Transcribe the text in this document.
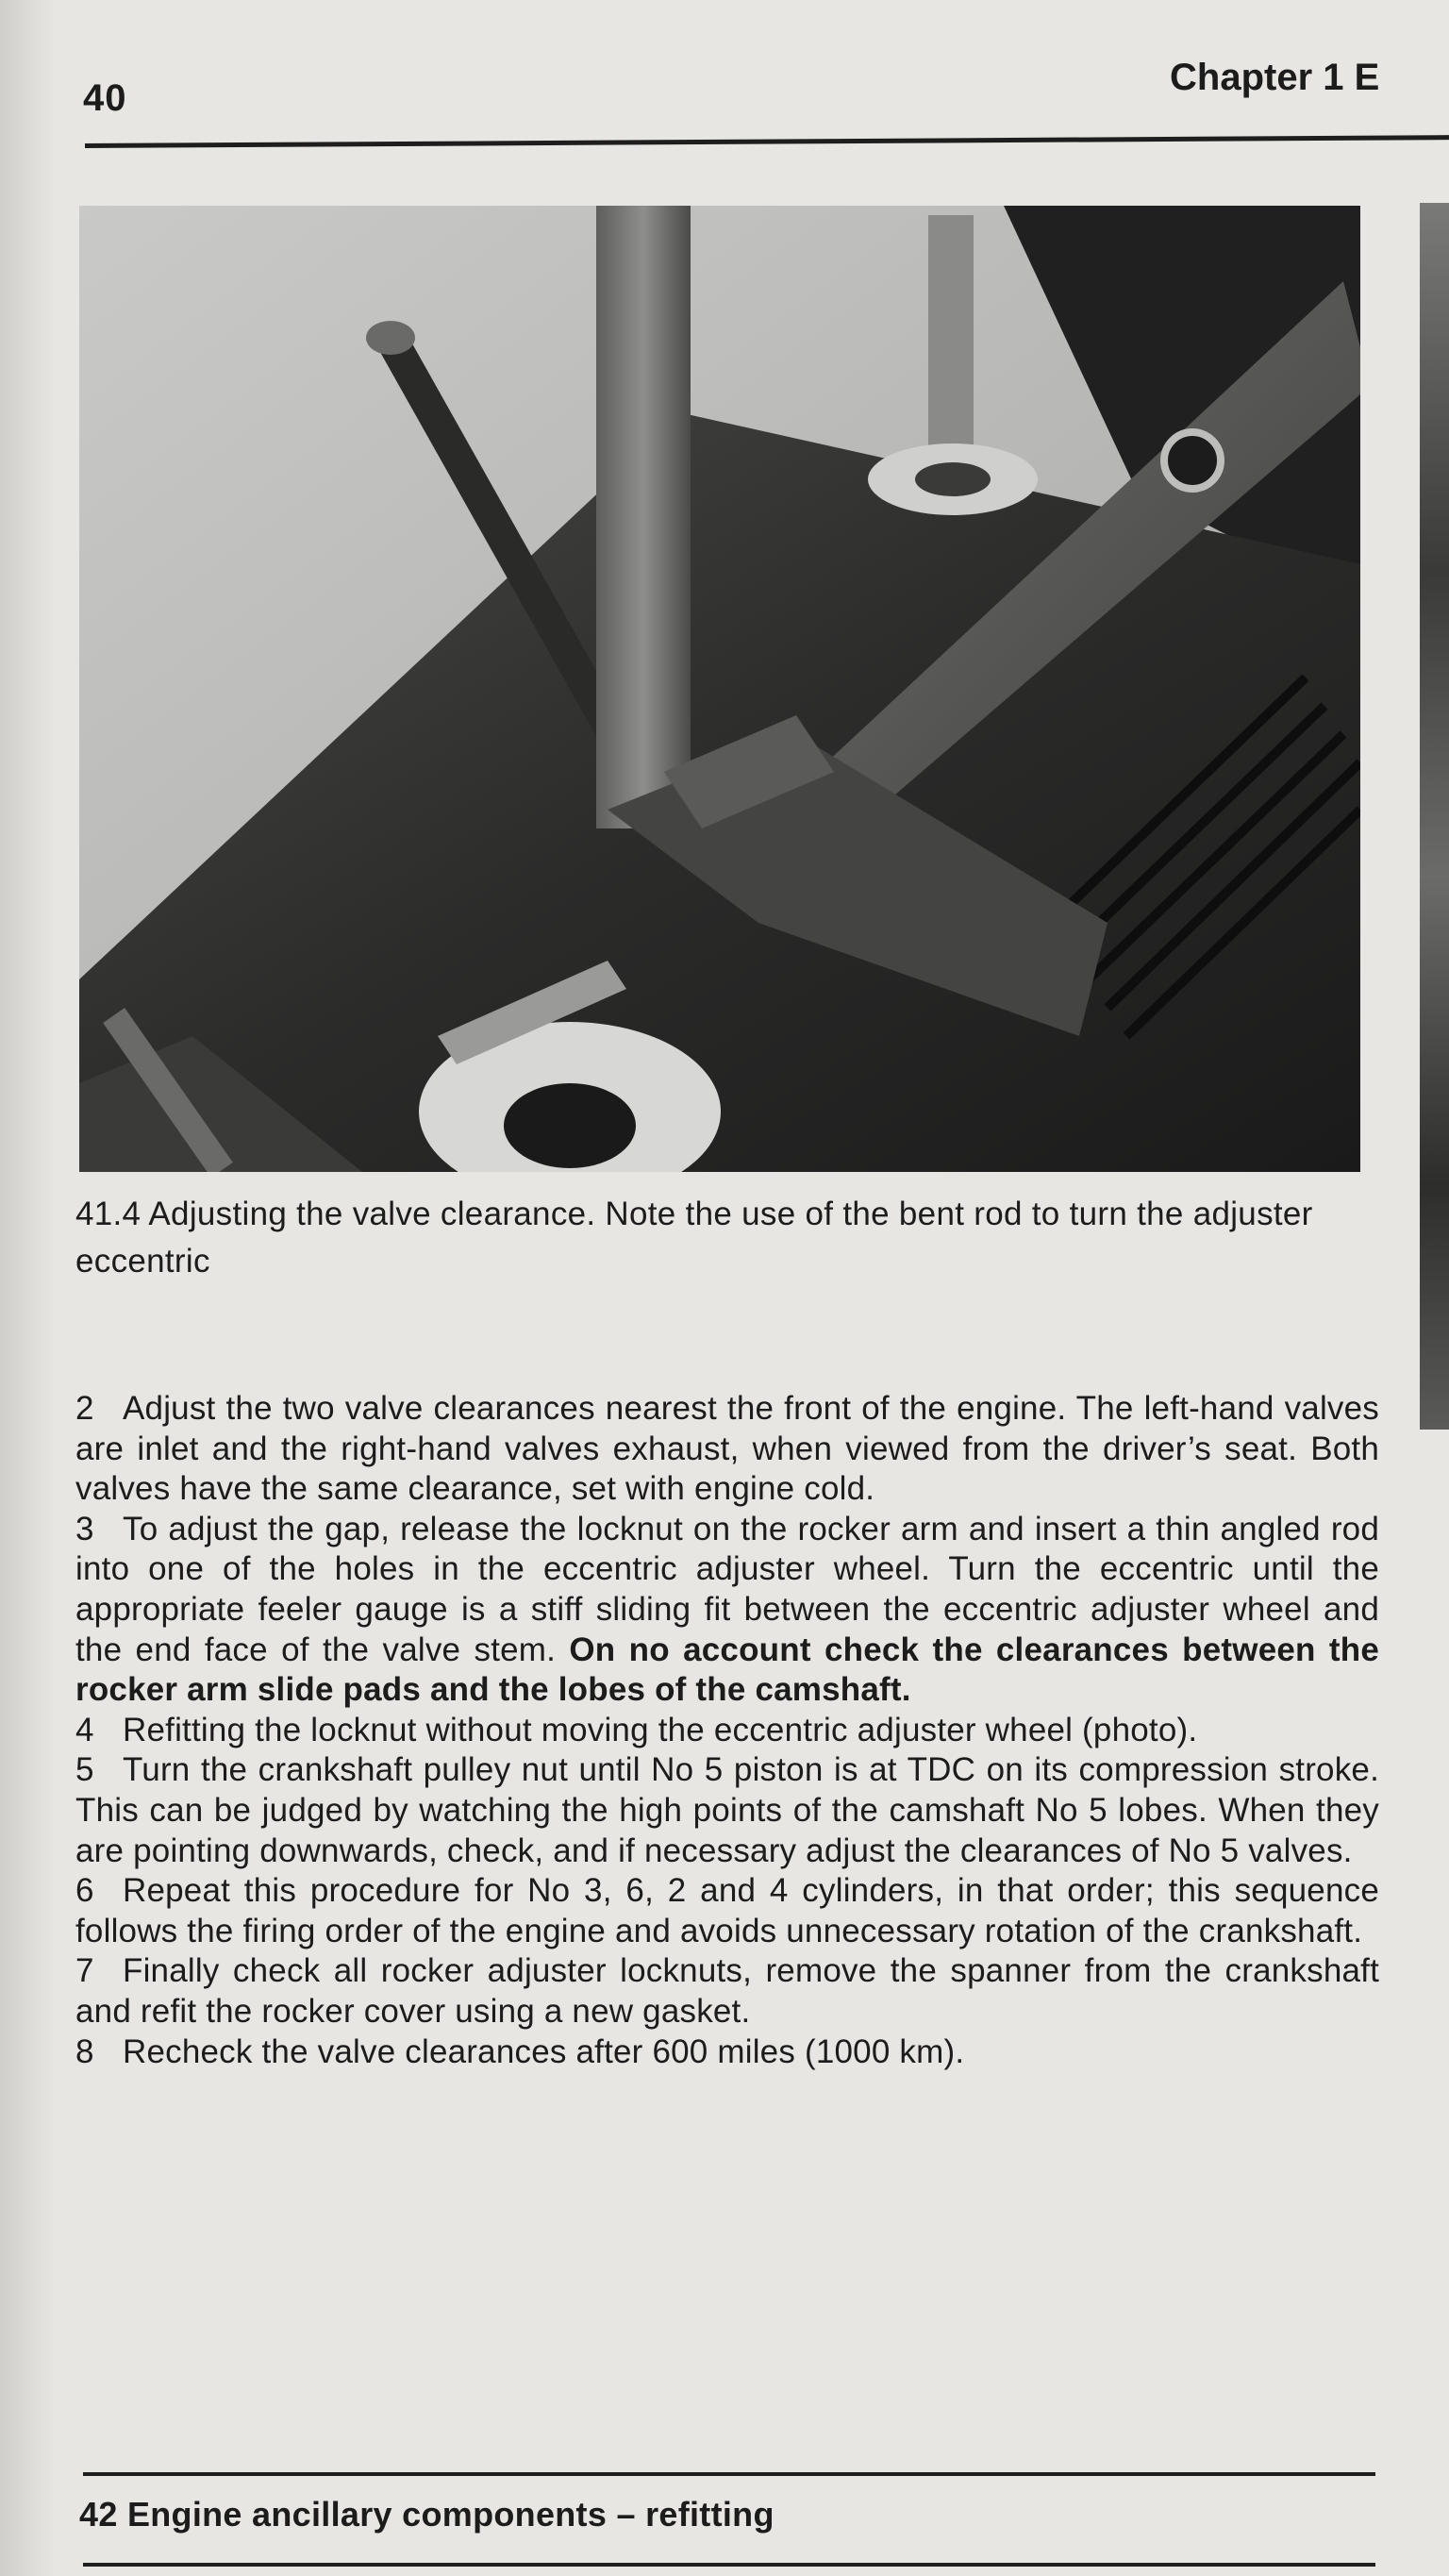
40	Chapter 1 E
41.4 Adjusting the valve clearance. Note the use of the bent rod to turn the adjuster eccentric

2 Adjust the two valve clearances nearest the front of the engine. The left-hand valves are inlet and the right-hand valves exhaust, when viewed from the driver’s seat. Both valves have the same clearance, set with engine cold.

3 To adjust the gap, release the locknut on the rocker arm and insert a thin angled rod into one of the holes in the eccentric adjuster wheel. Turn the eccentric until the appropriate feeler gauge is a stiff sliding fit between the eccentric adjuster wheel and the end face of the valve stem. On no account check the clearances between the rocker arm slide pads and the lobes of the camshaft.

4 Refitting the locknut without moving the eccentric adjuster wheel (photo).

5 Turn the crankshaft pulley nut until No 5 piston is at TDC on its compression stroke. This can be judged by watching the high points of the camshaft No 5 lobes. When they are pointing downwards, check, and if necessary adjust the clearances of No 5 valves.

6 Repeat this procedure for No 3, 6, 2 and 4 cylinders, in that order; this sequence follows the firing order of the engine and avoids unnecessary rotation of the crankshaft.

7 Finally check all rocker adjuster locknuts, remove the spanner from the crankshaft and refit the rocker cover using a new gasket.

8 Recheck the valve clearances after 600 miles (1000 km).

42 Engine ancillary components – refitting
